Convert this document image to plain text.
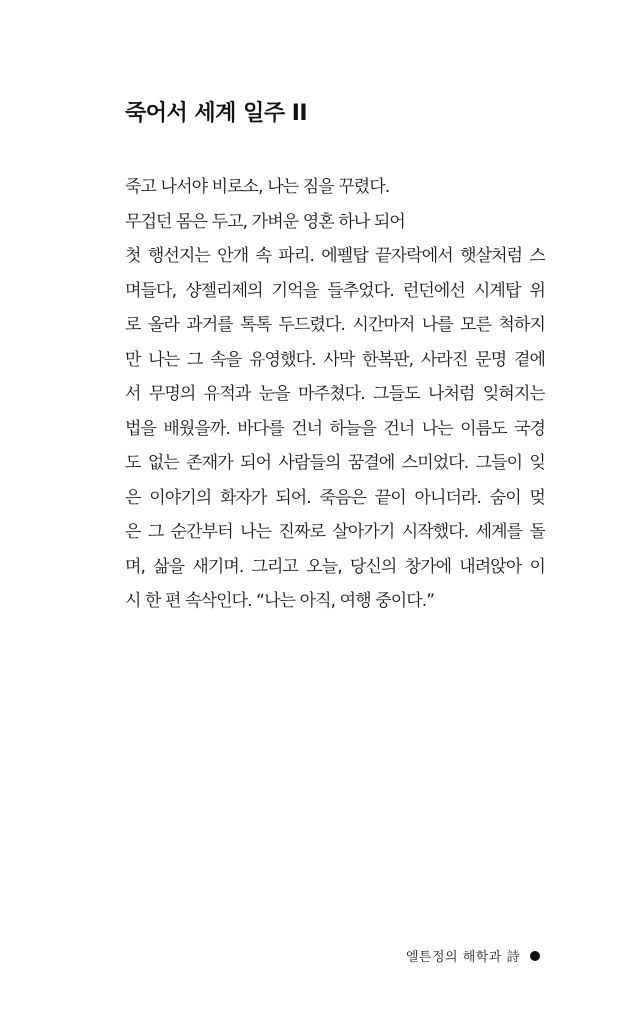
죽어서 세계 일주 II
죽고 나서야 비로소, 나는 짐을 꾸렸다.
무겁던 몸은 두고, 가벼운 영혼 하나 되어
첫 행선지는 안개 속 파리. 에펠탑 끝자락에서 햇살처럼 스
며들다, 샹젤리제의 기억을 들추었다. 런던에선 시계탑 위
로 올라 과거를 톡톡 두드렸다. 시간마저 나를 모른 척하지
만 나는 그 속을 유영했다. 사막 한복판, 사라진 문명 곁에
서 무명의 유적과 눈을 마주쳤다. 그들도 나처럼 잊혀지는
법을 배웠을까. 바다를 건너 하늘을 건너 나는 이름도 국경
도 없는 존재가 되어 사람들의 꿈결에 스미었다. 그들이 잊
은 이야기의 화자가 되어. 죽음은 끝이 아니더라. 숨이 멎
은 그 순간부터 나는 진짜로 살아가기 시작했다. 세계를 돌
며, 삶을 새기며. 그리고 오늘, 당신의 창가에 내려앉아 이
시 한 편 속삭인다. “나는 아직, 여행 중이다.”
엘튼정의 해학과 詩
